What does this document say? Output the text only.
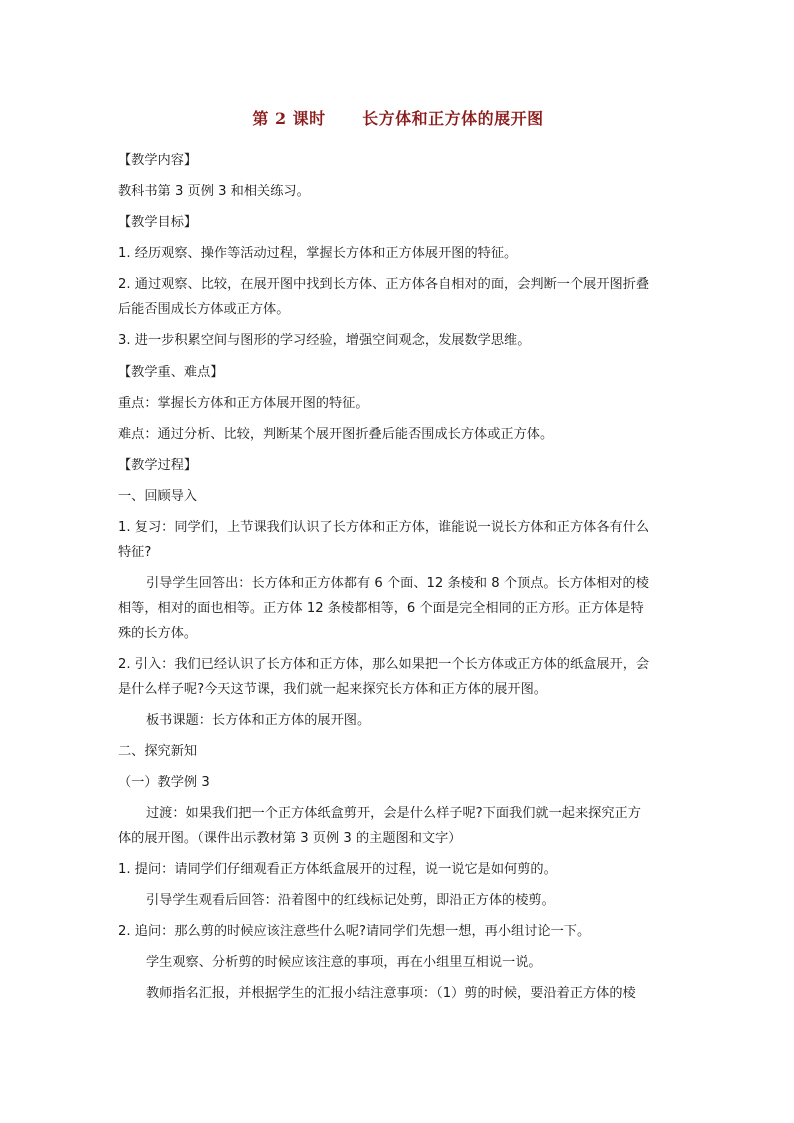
第 2 课时      长方体和正方体的展开图
【教学内容】
教科书第 3 页例 3 和相关练习。
【教学目标】
1. 经历观察、操作等活动过程，掌握长方体和正方体展开图的特征。
2. 通过观察、比较，在展开图中找到长方体、正方体各自相对的面，会判断一个展开图折叠
后能否围成长方体或正方体。
3. 进一步积累空间与图形的学习经验，增强空间观念，发展数学思维。
【教学重、难点】
重点：掌握长方体和正方体展开图的特征。
难点：通过分析、比较，判断某个展开图折叠后能否围成长方体或正方体。
【教学过程】
一、回顾导入
1. 复习：同学们，上节课我们认识了长方体和正方体，谁能说一说长方体和正方体各有什么
特征?
引导学生回答出：长方体和正方体都有 6 个面、12 条棱和 8 个顶点。长方体相对的棱
相等，相对的面也相等。正方体 12 条棱都相等，6 个面是完全相同的正方形。正方体是特
殊的长方体。
2. 引入：我们已经认识了长方体和正方体，那么如果把一个长方体或正方体的纸盒展开，会
是什么样子呢?今天这节课，我们就一起来探究长方体和正方体的展开图。
板书课题：长方体和正方体的展开图。
二、探究新知
（一）教学例 3
过渡：如果我们把一个正方体纸盒剪开，会是什么样子呢?下面我们就一起来探究正方
体的展开图。（课件出示教材第 3 页例 3 的主题图和文字）
1. 提问：请同学们仔细观看正方体纸盒展开的过程，说一说它是如何剪的。
引导学生观看后回答：沿着图中的红线标记处剪，即沿正方体的棱剪。
2. 追问：那么剪的时候应该注意些什么呢?请同学们先想一想，再小组讨论一下。
学生观察、分析剪的时候应该注意的事项，再在小组里互相说一说。
教师指名汇报，并根据学生的汇报小结注意事项：（1）剪的时候，要沿着正方体的棱
